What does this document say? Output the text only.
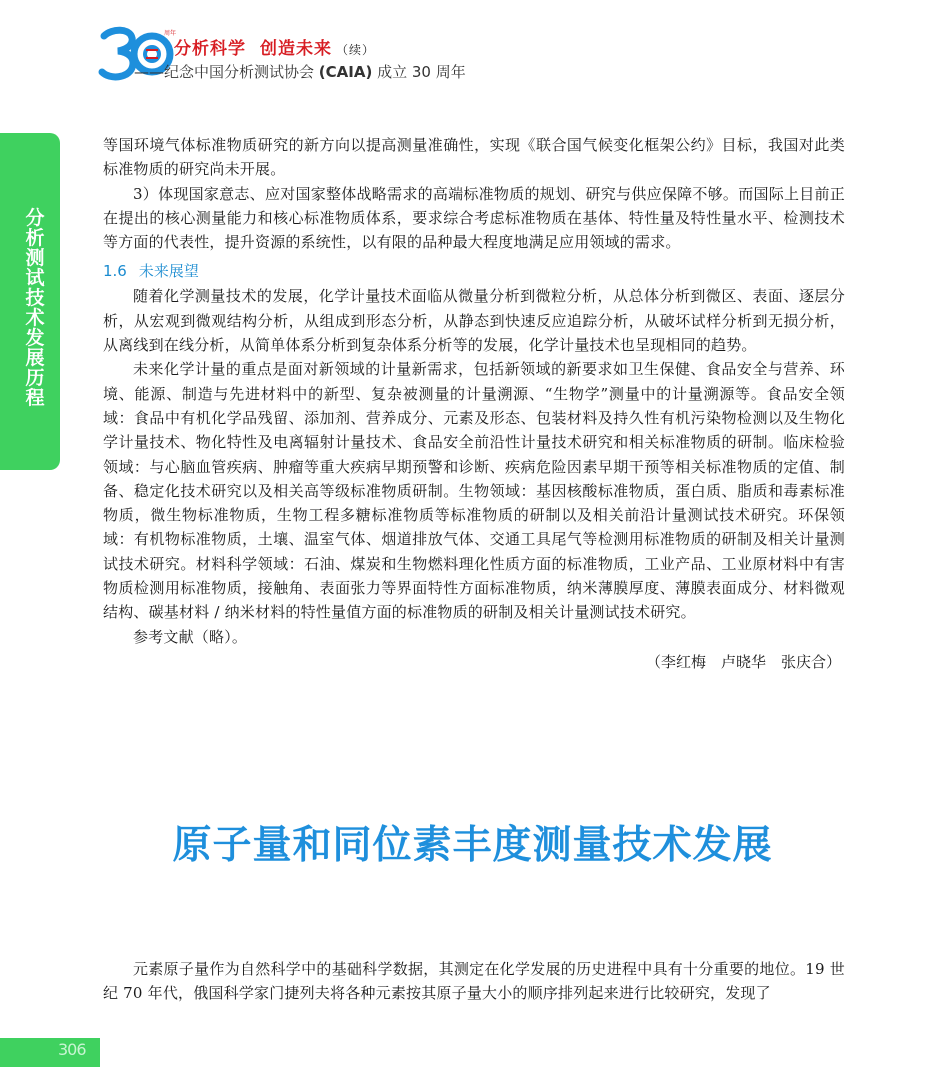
周年
分析科学 创造未来 （续）
——纪念中国分析测试协会 (CAIA) 成立 30 周年
分析测试技术发展历程

等国环境气体标准物质研究的新方向以提高测量准确性，实现《联合国气候变化框架公约》目标，我国对此类标准物质的研究尚未开展。

3）体现国家意志、应对国家整体战略需求的高端标准物质的规划、研究与供应保障不够。而国际上目前正在提出的核心测量能力和核心标准物质体系，要求综合考虑标准物质在基体、特性量及特性量水平、检测技术等方面的代表性，提升资源的系统性，以有限的品种最大程度地满足应用领域的需求。

1.6 未来展望

随着化学测量技术的发展，化学计量技术面临从微量分析到微粒分析，从总体分析到微区、表面、逐层分析，从宏观到微观结构分析，从组成到形态分析，从静态到快速反应追踪分析，从破坏试样分析到无损分析，从离线到在线分析，从简单体系分析到复杂体系分析等的发展，化学计量技术也呈现相同的趋势。

未来化学计量的重点是面对新领域的计量新需求，包括新领域的新要求如卫生保健、食品安全与营养、环境、能源、制造与先进材料中的新型、复杂被测量的计量溯源、“生物学”测量中的计量溯源等。食品安全领域：食品中有机化学品残留、添加剂、营养成分、元素及形态、包装材料及持久性有机污染物检测以及生物化学计量技术、物化特性及电离辐射计量技术、食品安全前沿性计量技术研究和相关标准物质的研制。临床检验领域：与心脑血管疾病、肿瘤等重大疾病早期预警和诊断、疾病危险因素早期干预等相关标准物质的定值、制备、稳定化技术研究以及相关高等级标准物质研制。生物领域：基因核酸标准物质，蛋白质、脂质和毒素标准物质，微生物标准物质，生物工程多糖标准物质等标准物质的研制以及相关前沿计量测试技术研究。环保领域：有机物标准物质，土壤、温室气体、烟道排放气体、交通工具尾气等检测用标准物质的研制及相关计量测试技术研究。材料科学领域：石油、煤炭和生物燃料理化性质方面的标准物质，工业产品、工业原材料中有害物质检测用标准物质，接触角、表面张力等界面特性方面标准物质，纳米薄膜厚度、薄膜表面成分、材料微观结构、碳基材料 / 纳米材料的特性量值方面的标准物质的研制及相关计量测试技术研究。

参考文献（略）。

（李红梅　卢晓华　张庆合）

原子量和同位素丰度测量技术发展

元素原子量作为自然科学中的基础科学数据，其测定在化学发展的历史进程中具有十分重要的地位。19 世纪 70 年代，俄国科学家门捷列夫将各种元素按其原子量大小的顺序排列起来进行比较研究，发现了

306
